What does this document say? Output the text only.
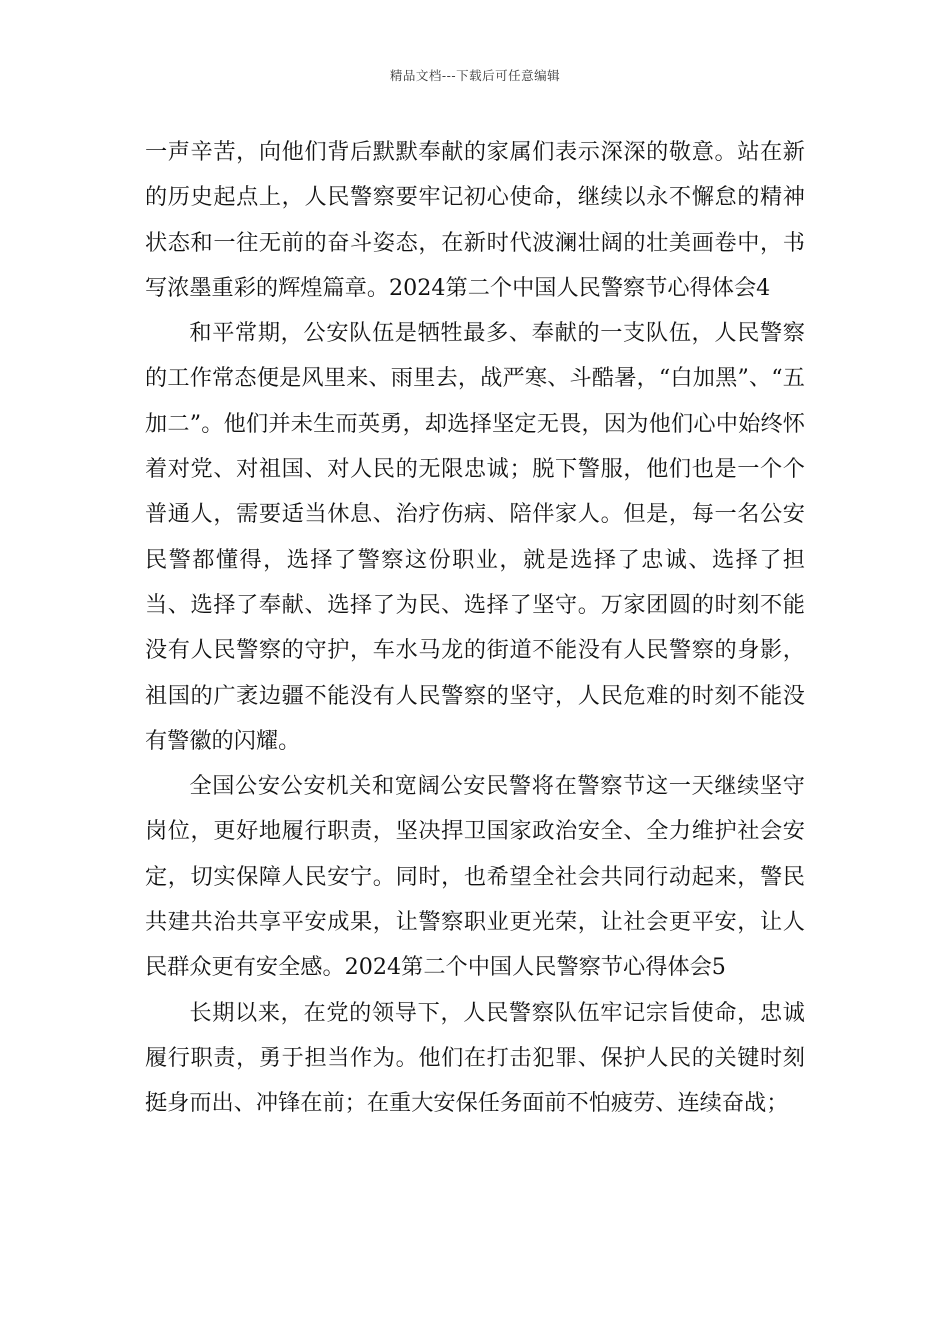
精品文档---下载后可任意编辑

一声辛苦，向他们背后默默奉献的家属们表示深深的敬意。站在新的历史起点上，人民警察要牢记初心使命，继续以永不懈怠的精神状态和一往无前的奋斗姿态，在新时代波澜壮阔的壮美画卷中，书写浓墨重彩的辉煌篇章。2024第二个中国人民警察节心得体会4

和平常期，公安队伍是牺牲最多、奉献的一支队伍，人民警察的工作常态便是风里来、雨里去，战严寒、斗酷暑，“白加黑”、“五加二”。他们并未生而英勇，却选择坚定无畏，因为他们心中始终怀着对党、对祖国、对人民的无限忠诚；脱下警服，他们也是一个个普通人，需要适当休息、治疗伤病、陪伴家人。但是，每一名公安民警都懂得，选择了警察这份职业，就是选择了忠诚、选择了担当、选择了奉献、选择了为民、选择了坚守。万家团圆的时刻不能没有人民警察的守护，车水马龙的街道不能没有人民警察的身影，祖国的广袤边疆不能没有人民警察的坚守，人民危难的时刻不能没有警徽的闪耀。

全国公安公安机关和宽阔公安民警将在警察节这一天继续坚守岗位，更好地履行职责，坚决捍卫国家政治安全、全力维护社会安定，切实保障人民安宁。同时，也希望全社会共同行动起来，警民共建共治共享平安成果，让警察职业更光荣，让社会更平安，让人民群众更有安全感。2024第二个中国人民警察节心得体会5

长期以来，在党的领导下，人民警察队伍牢记宗旨使命，忠诚履行职责，勇于担当作为。他们在打击犯罪、保护人民的关键时刻挺身而出、冲锋在前；在重大安保任务面前不怕疲劳、连续奋战；
